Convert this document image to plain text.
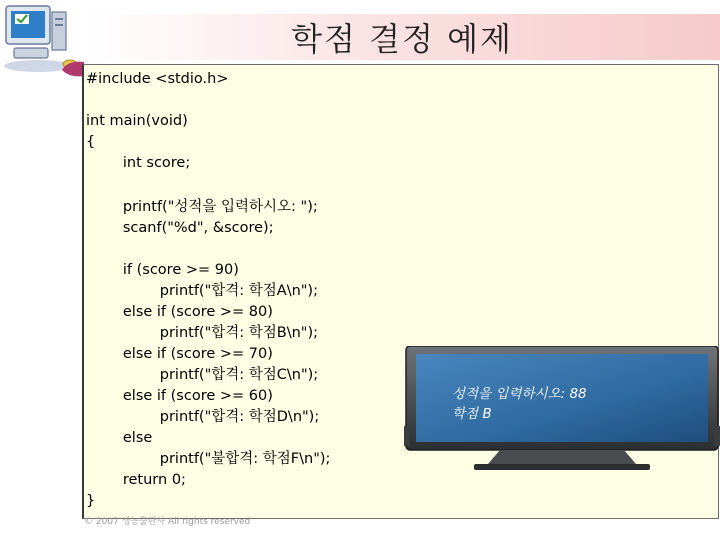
학점 결정 예제
#include <stdio.h>
int main(void)
{
int score;
printf("성적을 입력하시오: ");
scanf("%d", &score);
if (score >= 90)
printf("합격: 학점A\n");
else if (score >= 80)
printf("합격: 학점B\n");
else if (score >= 70)
printf("합격: 학점C\n");
else if (score >= 60)
printf("합격: 학점D\n");
else
printf("불합격: 학점F\n");
return 0;
}
성적을 입력하시오: 88
학점 B
© 2007 생능출판사 All rights reserved
